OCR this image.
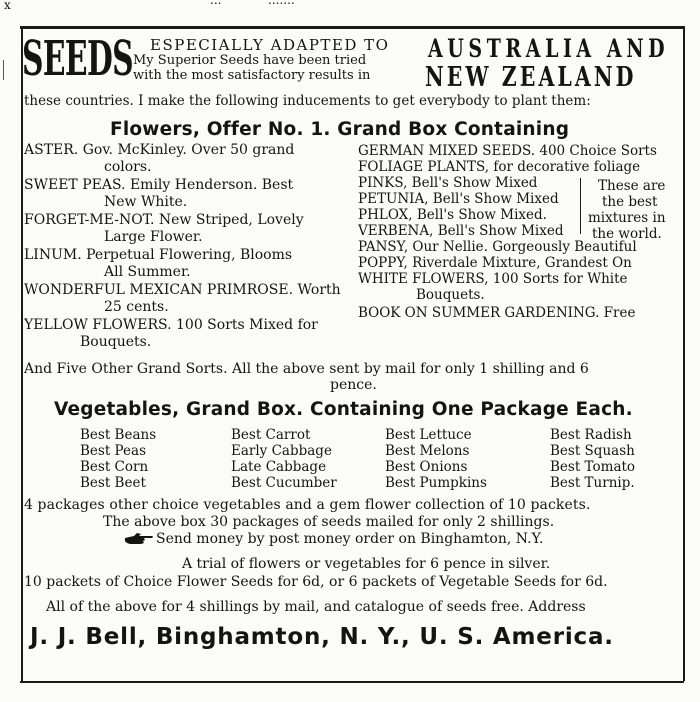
x	...	.......
SEEDS ESPECIALLY ADAPTED TO
My Superior Seeds have been tried
with the most satisfactory results in
AUSTRALIA AND
NEW ZEALAND
these countries. I make the following inducements to get everybody to plant them:
Flowers, Offer No. 1. Grand Box Containing
ASTER. Gov. McKinley. Over 50 grand
colors.
SWEET PEAS. Emily Henderson. Best
New White.
FORGET-ME-NOT. New Striped, Lovely
Large Flower.
LINUM. Perpetual Flowering, Blooms
All Summer.
WONDERFUL MEXICAN PRIMROSE. Worth
25 cents.
YELLOW FLOWERS. 100 Sorts Mixed for
Bouquets.
GERMAN MIXED SEEDS. 400 Choice Sorts
FOLIAGE PLANTS, for decorative foliage
PINKS, Bell's Show Mixed
PETUNIA, Bell's Show Mixed
PHLOX, Bell's Show Mixed.
VERBENA, Bell's Show Mixed
PANSY, Our Nellie. Gorgeously Beautiful
POPPY, Riverdale Mixture, Grandest On
WHITE FLOWERS, 100 Sorts for White
Bouquets.
BOOK ON SUMMER GARDENING. Free
These are
the best
mixtures in
the world.
And Five Other Grand Sorts. All the above sent by mail for only 1 shilling and 6
pence.
Vegetables, Grand Box. Containing One Package Each.
Best Beans	Best Carrot	Best Lettuce	Best Radish
Best Peas	Early Cabbage	Best Melons	Best Squash
Best Corn	Late Cabbage	Best Onions	Best Tomato
Best Beet	Best Cucumber	Best Pumpkins	Best Turnip.
4 packages other choice vegetables and a gem flower collection of 10 packets.
The above box 30 packages of seeds mailed for only 2 shillings.
Send money by post money order on Binghamton, N.Y.
A trial of flowers or vegetables for 6 pence in silver.
10 packets of Choice Flower Seeds for 6d, or 6 packets of Vegetable Seeds for 6d.
All of the above for 4 shillings by mail, and catalogue of seeds free. Address
J. J. Bell, Binghamton, N. Y., U. S. America.
